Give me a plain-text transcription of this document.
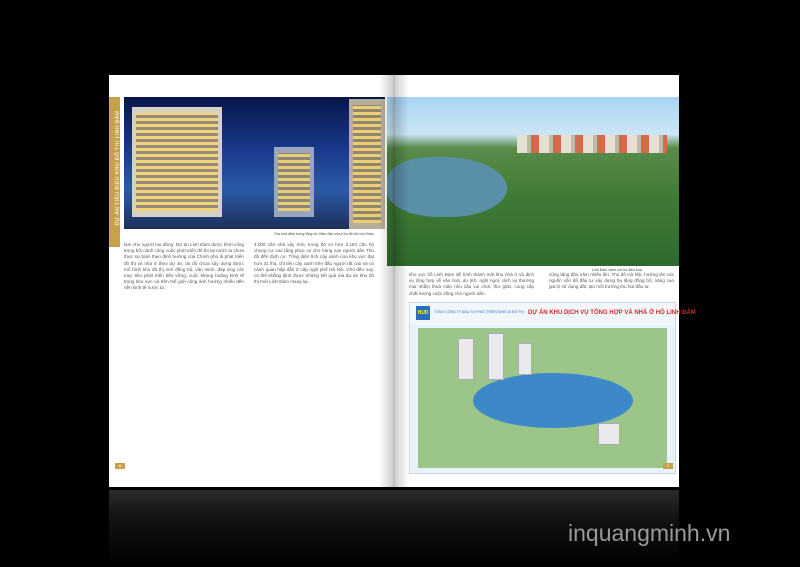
DỰ ÁN TIÊU BIỂU KHU ĐÔ THỊ LINH ĐÀM
Tòa nhà đêm trong tổng dự thiên đầu của Khu đô thị Linh Đàm
Linh Đàm xanh với hồ điều hoà
làm cho người lao động. Dự án Linh Đàm được khởi công trong bối cảnh công cuộc phát triển đô thị tại nước ta chưa thực sự bám theo định hướng của Chính phủ là phát triển đô thị và nhà ở theo dự án, do đó chưa xây dựng được mô hình khu đô thị mới đồng bộ, văn minh, đáp ứng các mục tiêu phát triển bền vững, cuộc khủng hoảng kinh tế trong khu vực và trên thế giới cũng ảnh hưởng nhiều đến nền kinh tế nước ta.
4.000 căn nhà xây mới, trong đó có hơn 3.150 căn hộ chung cư cao tầng phục vụ cho hàng vạn người dân Thủ đô đến định cư. Tổng diện tích cây xanh của khu vực đạt hơn 31 lha, chỉ tiêu cây xanh trên đầu người rất cao và có cảnh quan hấp dẫn ở cấp ngôi phố Hà Nội. Chó đến nay, có thể khẳng định được những kết quả mà dự án khu đô thị mới Linh Đàm mang lại.
khu vực hồ Linh Đàm để hình thành một khu nhà ở và dịch vụ tổng hợp về văn hoá, du lịch, nghỉ ngơi, dịch vụ thương mại nhằm thoả mãn nhu cầu vui chơi, thư giãn, cung cấp chất lượng cuộc sống cho người dân.
cũng tăng đầu năm nhiều lên. Thủ đô Hà Nội, hướng lên các nguồn vốn để đầu tư xây dựng hạ tầng đồng bộ, nâng cao giá trị sử dụng đất, tạo môi trường thu hút đầu tư.
HUD	TỔNG CÔNG TY ĐẦU TƯ PHÁT TRIỂN NHÀ VÀ ĐÔ THỊ DỰ ÁN KHU DỊCH VỤ TỔNG HỢP VÀ NHÀ Ở HỒ LINH ĐÀM
6	7
inquangminh.vn
